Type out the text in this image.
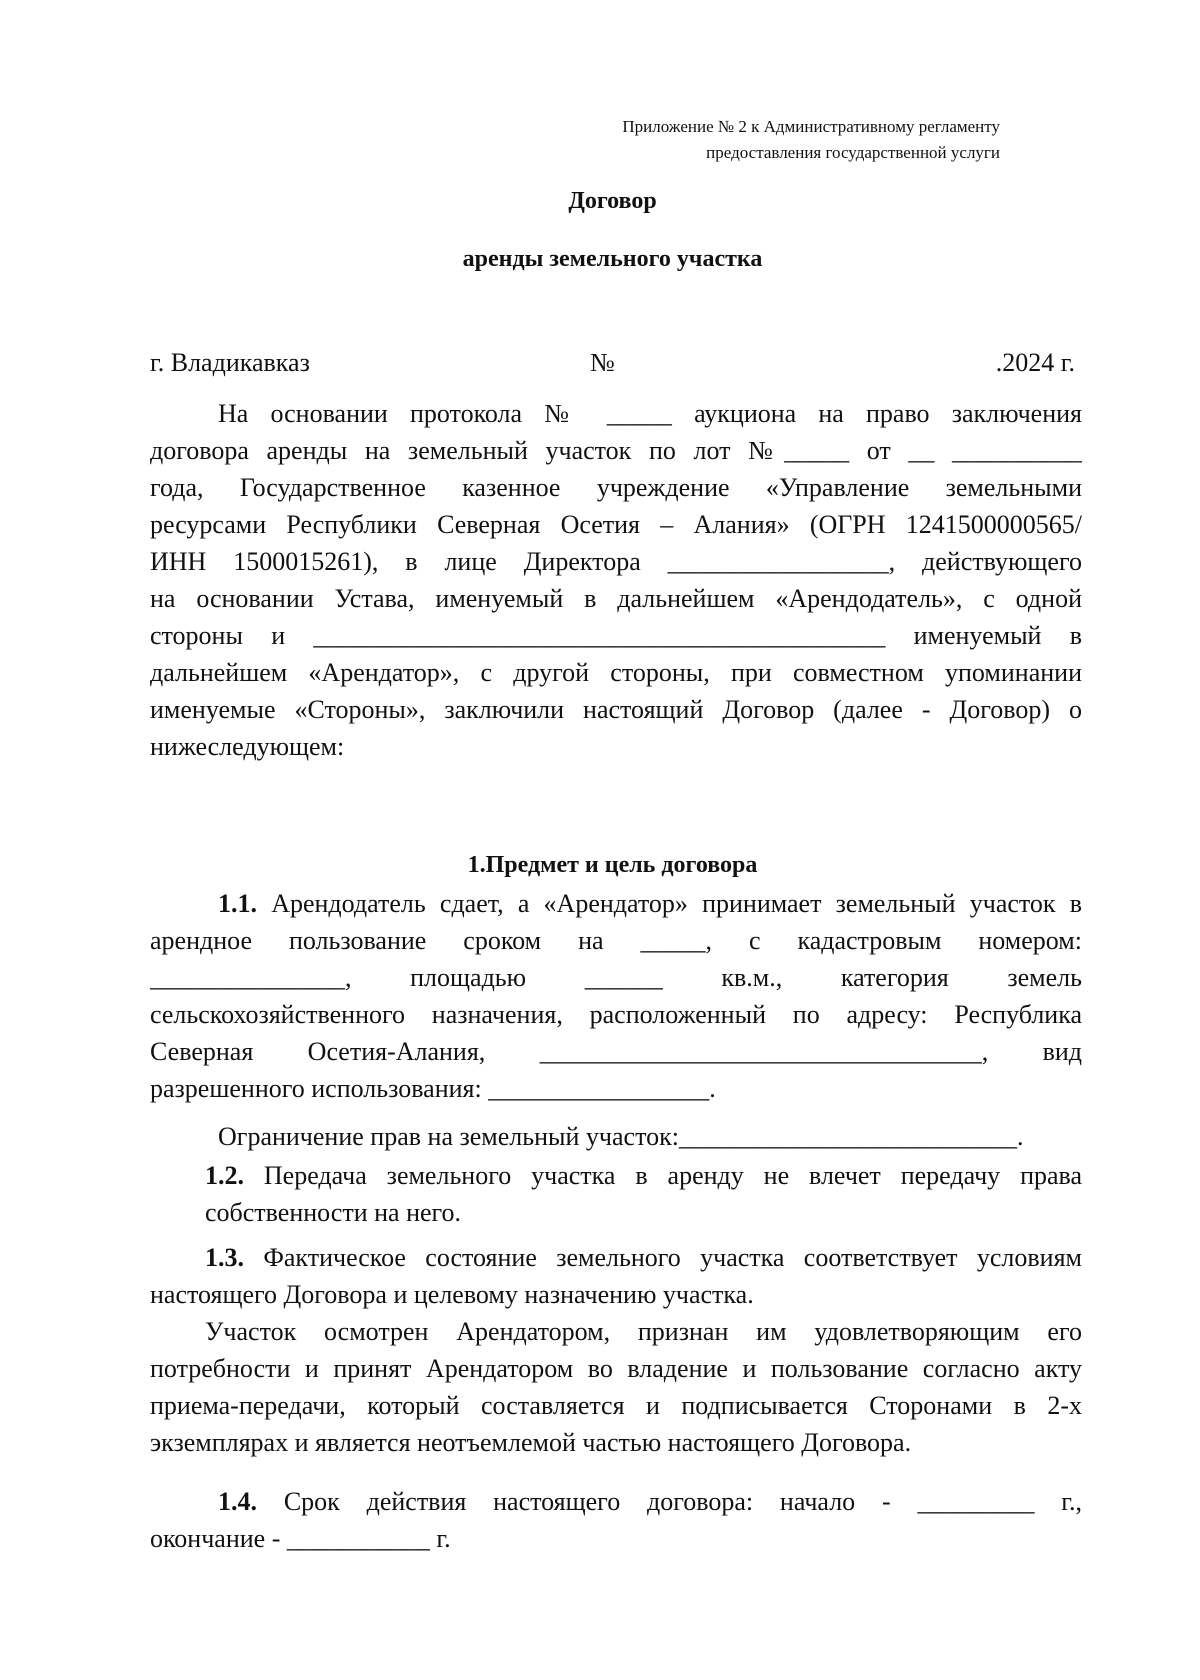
Приложение № 2 к Административному регламенту
предоставления государственной услуги
Договор
аренды земельного участка
г. Владикавказ	№	.2024 г.
На основании протокола № _____ аукциона на право заключения
договора аренды на земельный участок по лот №_____ от __ __________
года, Государственное казенное учреждение «Управление земельными
ресурсами Республики Северная Осетия – Алания» (ОГРН 1241500000565/
ИНН 1500015261), в лице Директора _________________, действующего
на основании Устава, именуемый в дальнейшем «Арендодатель», с одной
стороны и ____________________________________________ именуемый в
дальнейшем «Арендатор», с другой стороны, при совместном упоминании
именуемые «Стороны», заключили настоящий Договор (далее - Договор) о
нижеследующем:
1.Предмет и цель договора
1.1. Арендодатель сдает, а «Арендатор» принимает земельный участок в
арендное пользование сроком на _____, с кадастровым номером:
_______________, площадью ______ кв.м., категория земель
сельскохозяйственного назначения, расположенный по адресу: Республика
Северная Осетия-Алания, __________________________________, вид
разрешенного использования: _________________.
Ограничение прав на земельный участок:__________________________.
1.2. Передача земельного участка в аренду не влечет передачу права
собственности на него.
1.3. Фактическое состояние земельного участка соответствует условиям
настоящего Договора и целевому назначению участка.
Участок осмотрен Арендатором, признан им удовлетворяющим его
потребности и принят Арендатором во владение и пользование согласно акту
приема-передачи, который составляется и подписывается Сторонами в 2-х
экземплярах и является неотъемлемой частью настоящего Договора.
1.4. Срок действия настоящего договора: начало - _________ г.,
окончание - ___________ г.
